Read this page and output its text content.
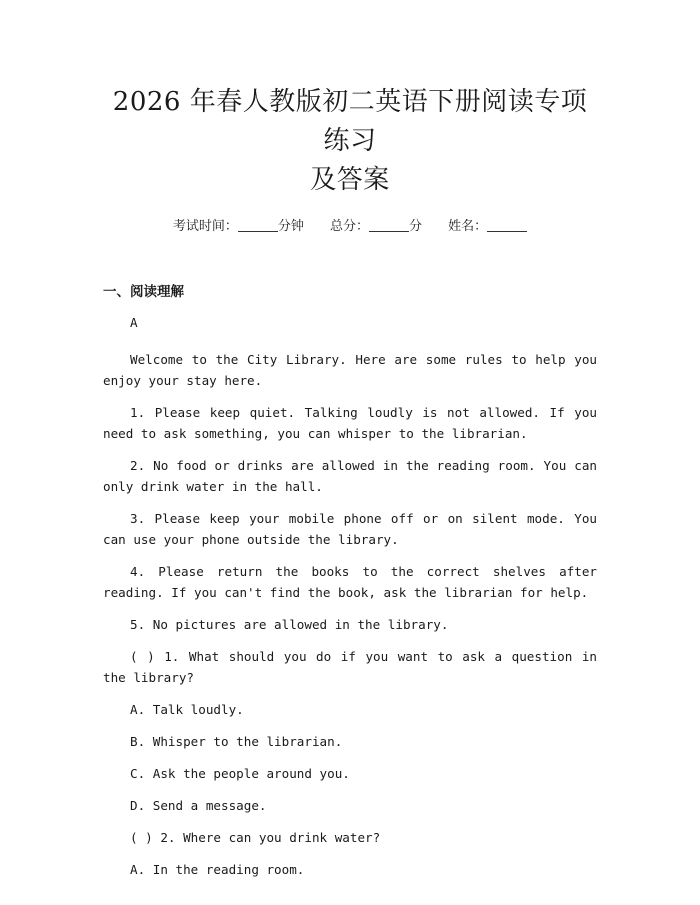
2026 年春人教版初二英语下册阅读专项练习
及答案
考试时间：	分钟 总分：	分 姓名：
一、阅读理解

A

Welcome to the City Library. Here are some rules to help you enjoy your stay here.

1. Please keep quiet. Talking loudly is not allowed. If you need to ask something, you can whisper to the librarian.

2. No food or drinks are allowed in the reading room. You can only drink water in the hall.

3. Please keep your mobile phone off or on silent mode. You can use your phone outside the library.

4. Please return the books to the correct shelves after reading. If you can't find the book, ask the librarian for help.

5. No pictures are allowed in the library.

( ) 1. What should you do if you want to ask a question in the library?

A. Talk loudly.

B. Whisper to the librarian.

C. Ask the people around you.

D. Send a message.

( ) 2. Where can you drink water?

A. In the reading room.
